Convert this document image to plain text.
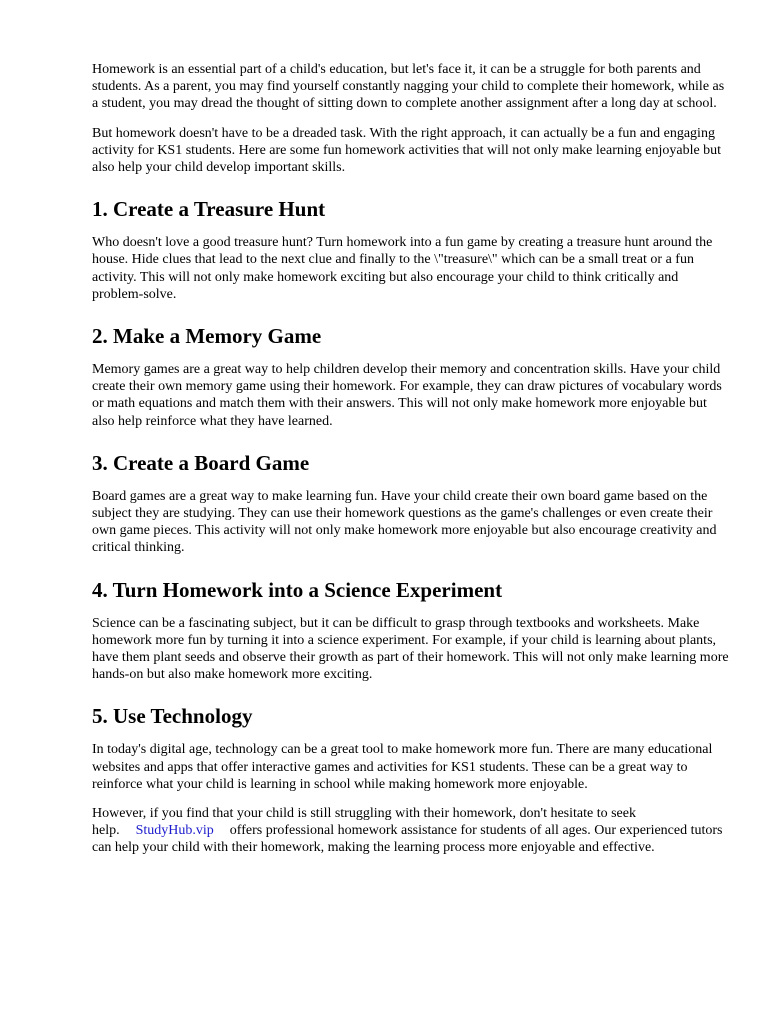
Homework is an essential part of a child's education, but let's face it, it can be a struggle for both parents and students. As a parent, you may find yourself constantly nagging your child to complete their homework, while as a student, you may dread the thought of sitting down to complete another assignment after a long day at school.

But homework doesn't have to be a dreaded task. With the right approach, it can actually be a fun and engaging activity for KS1 students. Here are some fun homework activities that will not only make learning enjoyable but also help your child develop important skills.

1. Create a Treasure Hunt

Who doesn't love a good treasure hunt? Turn homework into a fun game by creating a treasure hunt around the house. Hide clues that lead to the next clue and finally to the \"treasure\" which can be a small treat or a fun activity. This will not only make homework exciting but also encourage your child to think critically and problem-solve.

2. Make a Memory Game

Memory games are a great way to help children develop their memory and concentration skills. Have your child create their own memory game using their homework. For example, they can draw pictures of vocabulary words or math equations and match them with their answers. This will not only make homework more enjoyable but also help reinforce what they have learned.

3. Create a Board Game

Board games are a great way to make learning fun. Have your child create their own board game based on the subject they are studying. They can use their homework questions as the game's challenges or even create their own game pieces. This activity will not only make homework more enjoyable but also encourage creativity and critical thinking.

4. Turn Homework into a Science Experiment

Science can be a fascinating subject, but it can be difficult to grasp through textbooks and worksheets. Make homework more fun by turning it into a science experiment. For example, if your child is learning about plants, have them plant seeds and observe their growth as part of their homework. This will not only make learning more hands-on but also make homework more exciting.

5. Use Technology

In today's digital age, technology can be a great tool to make homework more fun. There are many educational websites and apps that offer interactive games and activities for KS1 students. These can be a great way to reinforce what your child is learning in school while making homework more enjoyable.

However, if you find that your child is still struggling with their homework, don't hesitate to seek help. StudyHub.vip offers professional homework assistance for students of all ages. Our experienced tutors can help your child with their homework, making the learning process more enjoyable and effective.
